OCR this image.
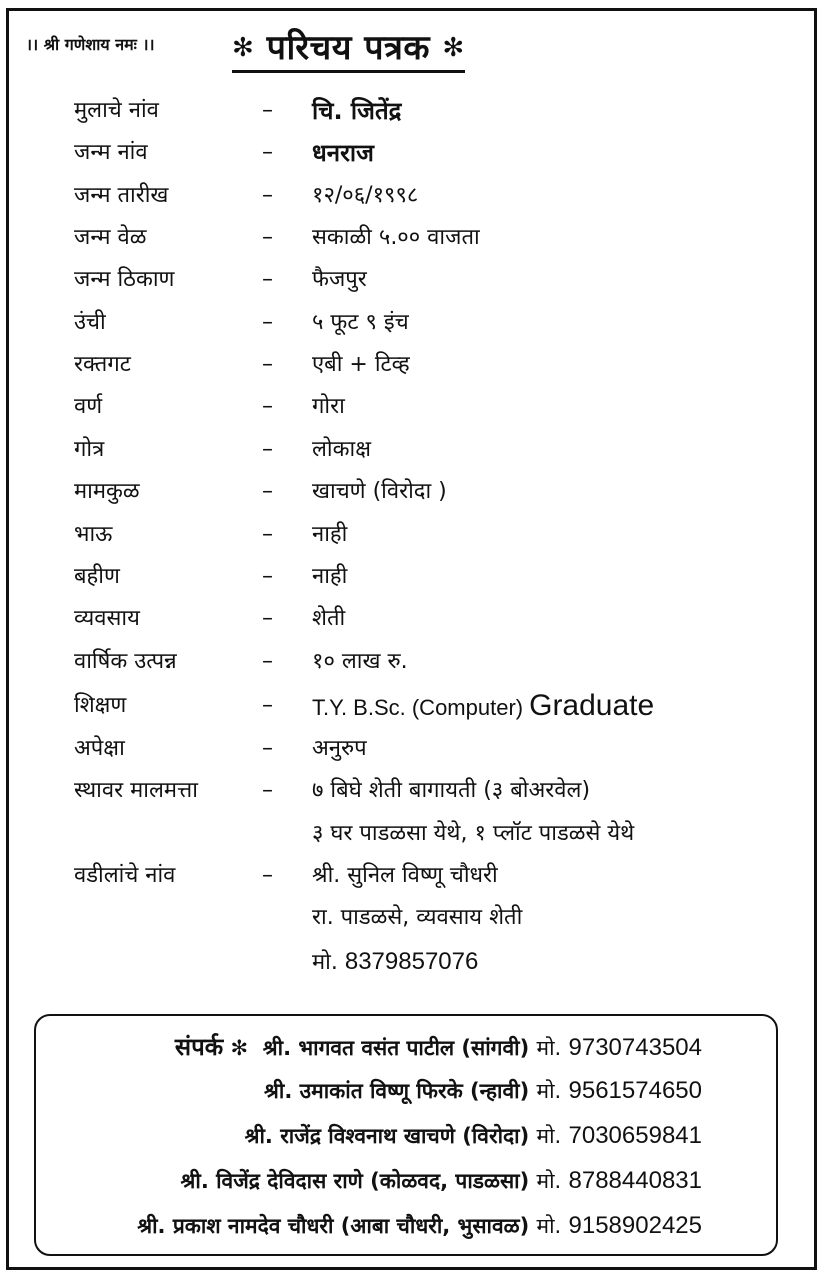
।। श्री गणेशाय नमः ।।	✻ परिचय पत्रक ✻
मुलाचे नांव	– चि. जितेंद्र
जन्म नांव	– धनराज
जन्म तारीख	– १२/०६/१९९८
जन्म वेळ	– सकाळी ५.०० वाजता
जन्म ठिकाण	– फैजपुर
उंची	– ५ फूट ९ इंच
रक्तगट	– एबी + टिव्ह
वर्ण	– गोरा
गोत्र	– लोकाक्ष
मामकुळ	– खाचणे (विरोदा )
भाऊ	– नाही
बहीण	– नाही
व्यवसाय	– शेती
वार्षिक उत्पन्न	– १० लाख रु.
शिक्षण	– T.Y. B.Sc. (Computer) Graduate
अपेक्षा	– अनुरुप
स्थावर मालमत्ता	– ७ बिघे शेती बागायती (३ बोअरवेल)
३ घर पाडळसा येथे, १ प्लॉट पाडळसे येथे
वडीलांचे नांव	– श्री. सुनिल विष्णू चौधरी
रा. पाडळसे, व्यवसाय शेती
मो. 8379857076
संपर्क ✻ श्री. भागवत वसंत पाटील (सांगवी) मो. 9730743504
श्री. उमाकांत विष्णू फिरके (न्हावी) मो. 9561574650
श्री. राजेंद्र विश्वनाथ खाचणे (विरोदा) मो. 7030659841
श्री. विजेंद्र देविदास राणे (कोळवद, पाडळसा) मो. 8788440831
श्री. प्रकाश नामदेव चौधरी (आबा चौधरी, भुसावळ) मो. 9158902425
